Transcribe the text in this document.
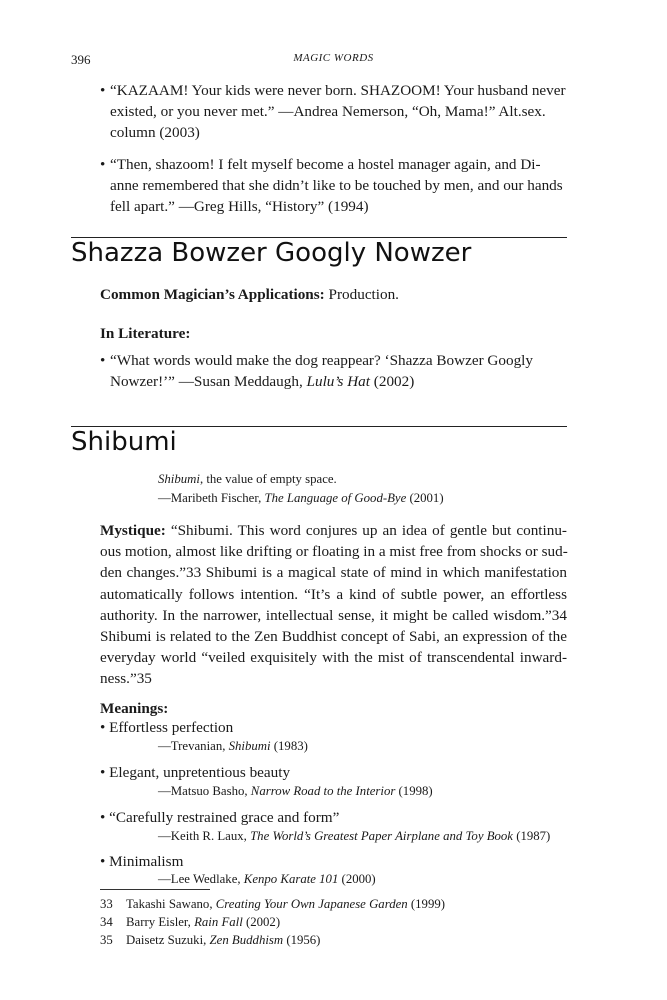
396	MAGIC WORDS
• “KAZAAM! Your kids were never born. SHAZOOM! Your husband never
existed, or you never met.” —Andrea Nemerson, “Oh, Mama!” Alt.sex.
column (2003)
• “Then, shazoom! I felt myself become a hostel manager again, and Di-
anne remembered that she didn’t like to be touched by men, and our hands
fell apart.” —Greg Hills, “History” (1994)
Shazza Bowzer Googly Nowzer
Common Magician’s Applications: Production.
In Literature:
• “What words would make the dog reappear? ‘Shazza Bowzer Googly
Nowzer!’” —Susan Meddaugh, Lulu’s Hat (2002)
Shibumi
Shibumi, the value of empty space.
—Maribeth Fischer, The Language of Good-Bye (2001)
Mystique: “Shibumi. This word conjures up an idea of gentle but continu-
ous motion, almost like drifting or floating in a mist free from shocks or sud-
den changes.”33 Shibumi is a magical state of mind in which manifestation
automatically follows intention. “It’s a kind of subtle power, an effortless
authority. In the narrower, intellectual sense, it might be called wisdom.”34
Shibumi is related to the Zen Buddhist concept of Sabi, an expression of the
everyday world “veiled exquisitely with the mist of transcendental inward-
ness.”35
Meanings:
• Effortless perfection
—Trevanian, Shibumi (1983)
• Elegant, unpretentious beauty
—Matsuo Basho, Narrow Road to the Interior (1998)
• “Carefully restrained grace and form”
—Keith R. Laux, The World’s Greatest Paper Airplane and Toy Book (1987)
• Minimalism
—Lee Wedlake, Kenpo Karate 101 (2000)
33 Takashi Sawano, Creating Your Own Japanese Garden (1999)
34 Barry Eisler, Rain Fall (2002)
35 Daisetz Suzuki, Zen Buddhism (1956)
